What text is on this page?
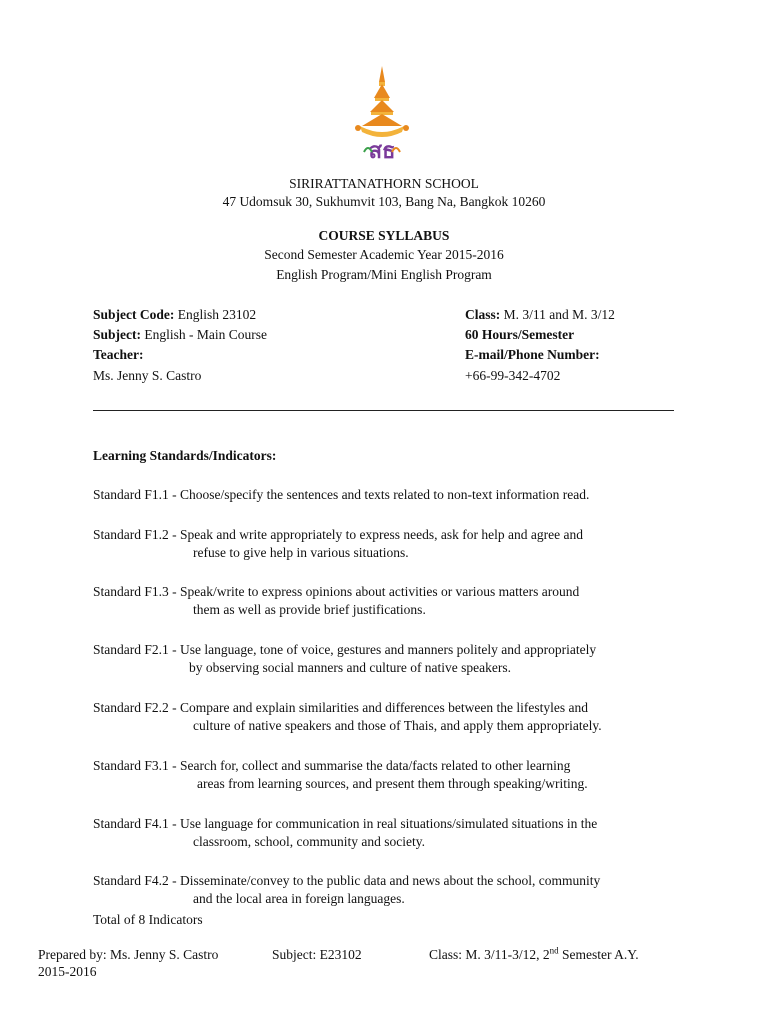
สธ
SIRIRATTANATHORN SCHOOL
47 Udomsuk 30, Sukhumvit 103, Bang Na, Bangkok 10260
COURSE SYLLABUS
Second Semester Academic Year 2015-2016
English Program/Mini English Program
Subject Code: English 23102
Subject: English - Main Course
Teacher:
Ms. Jenny S. Castro
Class: M. 3/11 and M. 3/12
60 Hours/Semester
E-mail/Phone Number:
+66-99-342-4702
Learning Standards/Indicators:
Standard F1.1 - Choose/specify the sentences and texts related to non-text information read.
Standard F1.2 - Speak and write appropriately to express needs, ask for help and agree and
refuse to give help in various situations.
Standard F1.3 - Speak/write to express opinions about activities or various matters around
them as well as provide brief justifications.
Standard F2.1 - Use language, tone of voice, gestures and manners politely and appropriately
by observing social manners and culture of native speakers.
Standard F2.2 - Compare and explain similarities and differences between the lifestyles and
culture of native speakers and those of Thais, and apply them appropriately.
Standard F3.1 - Search for, collect and summarise the data/facts related to other learning
areas from learning sources, and present them through speaking/writing.
Standard F4.1 - Use language for communication in real situations/simulated situations in the
classroom, school, community and society.
Standard F4.2 - Disseminate/convey to the public data and news about the school, community
and the local area in foreign languages.
Total of 8 Indicators
Prepared by: Ms. Jenny S. Castro	Subject: E23102	Class: M. 3/11-3/12, 2nd Semester A.Y.
2015-2016
